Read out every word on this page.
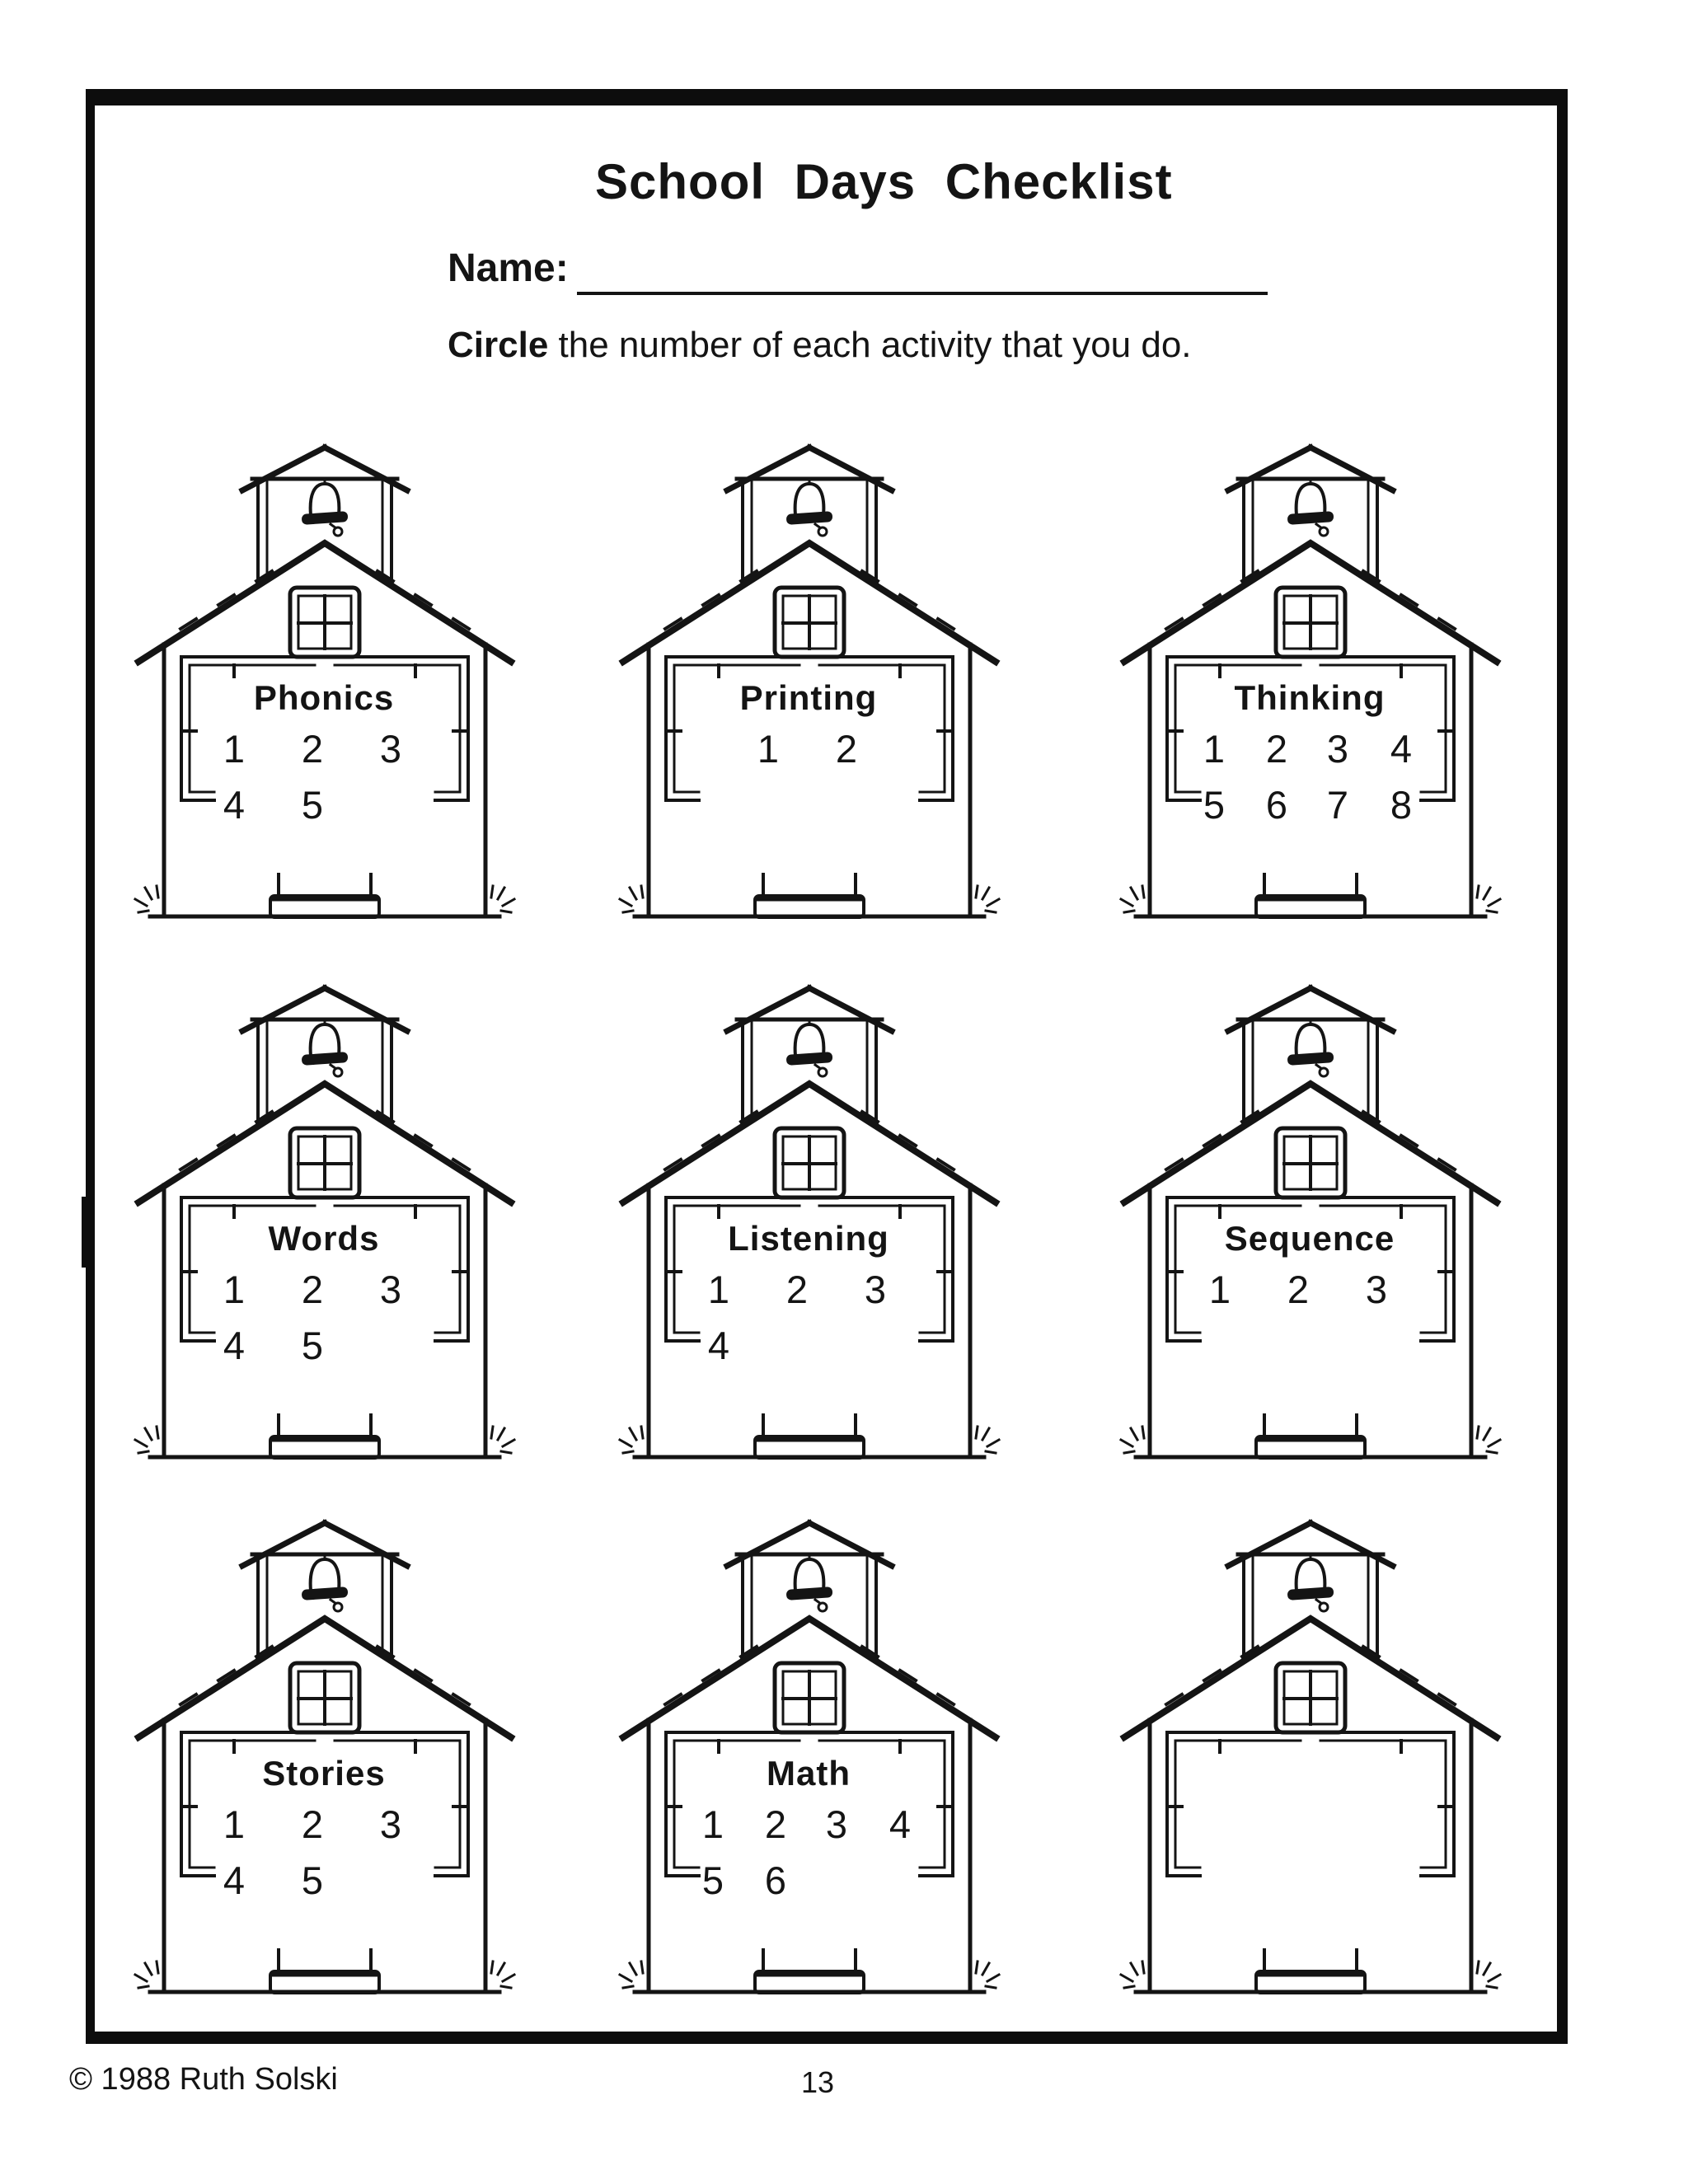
School Days Checklist
Name:
Circle the number of each activity that you do.
Phonics
1 2 3
4 5
Printing
1 2
Thinking
1 2 3 4
5 6 7 8
Words
1 2 3
4 5
Listening
1 2 3
4
Sequence
1 2 3
Stories
1 2 3
4 5
Math
1 2 3 4
5 6
© 1988 Ruth Solski	13
